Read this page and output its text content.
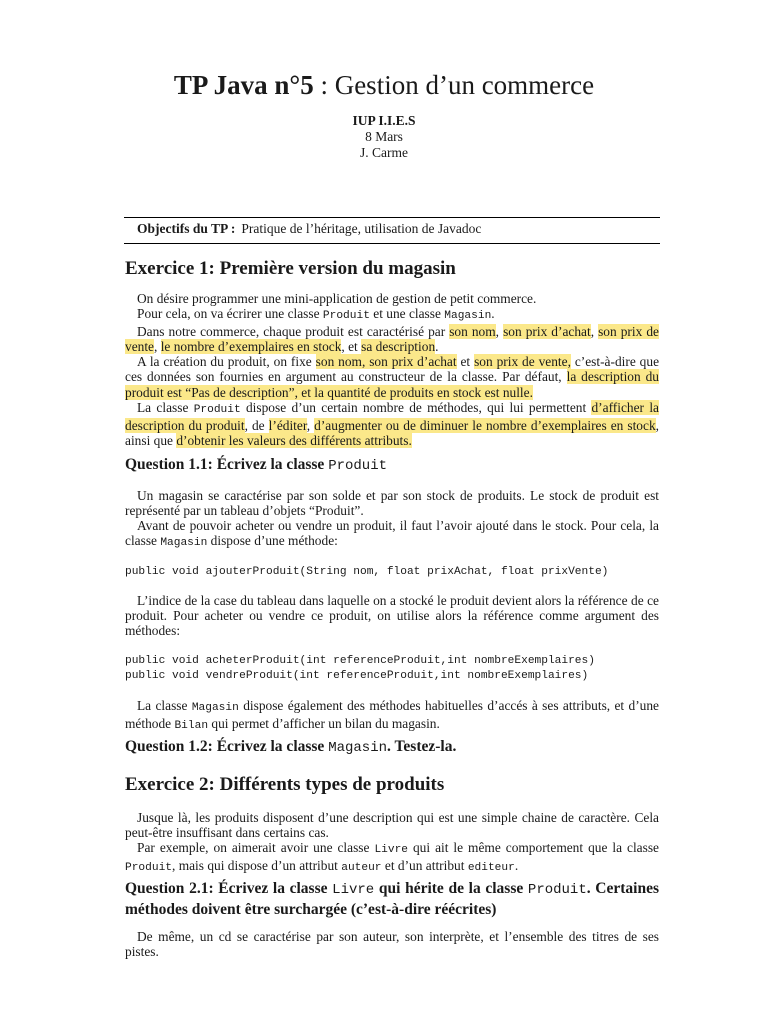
TP Java n°5 : Gestion d’un commerce
IUP I.I.E.S
8 Mars
J. Carme
Objectifs du TP : Pratique de l’héritage, utilisation de Javadoc
Exercice 1: Première version du magasin

On désire programmer une mini-application de gestion de petit commerce.

Pour cela, on va écrirer une classe Produit et une classe Magasin.

Dans notre commerce, chaque produit est caractérisé par son nom, son prix d’achat, son prix de vente, le nombre d’exemplaires en stock, et sa description.

A la création du produit, on fixe son nom, son prix d’achat et son prix de vente, c’est-à-dire que ces données son fournies en argument au constructeur de la classe. Par défaut, la description du produit est “Pas de description”, et la quantité de produits en stock est nulle.

La classe Produit dispose d’un certain nombre de méthodes, qui lui permettent d’afficher la description du produit, de l’éditer, d’augmenter ou de diminuer le nombre d’exemplaires en stock, ainsi que d’obtenir les valeurs des différents attributs.

Question 1.1: Écrivez la classe Produit

Un magasin se caractérise par son solde et par son stock de produits. Le stock de produit est représenté par un tableau d’objets “Produit”.

Avant de pouvoir acheter ou vendre un produit, il faut l’avoir ajouté dans le stock. Pour cela, la classe Magasin dispose d’une méthode:

public void ajouterProduit(String nom, float prixAchat, float prixVente)

L’indice de la case du tableau dans laquelle on a stocké le produit devient alors la référence de ce produit. Pour acheter ou vendre ce produit, on utilise alors la référence comme argument des méthodes:

public void acheterProduit(int referenceProduit,int nombreExemplaires)
public void vendreProduit(int referenceProduit,int nombreExemplaires)

La classe Magasin dispose également des méthodes habituelles d’accés à ses attributs, et d’une méthode Bilan qui permet d’afficher un bilan du magasin.

Question 1.2: Écrivez la classe Magasin. Testez-la.
Exercice 2: Différents types de produits

Jusque là, les produits disposent d’une description qui est une simple chaine de caractère. Cela peut-être insuffisant dans certains cas.

Par exemple, on aimerait avoir une classe Livre qui ait le même comportement que la classe Produit, mais qui dispose d’un attribut auteur et d’un attribut editeur.

Question 2.1: Écrivez la classe Livre qui hérite de la classe Produit. Certaines méthodes doivent être surchargée (c’est-à-dire réécrites)

De même, un cd se caractérise par son auteur, son interprète, et l’ensemble des titres de ses pistes.
